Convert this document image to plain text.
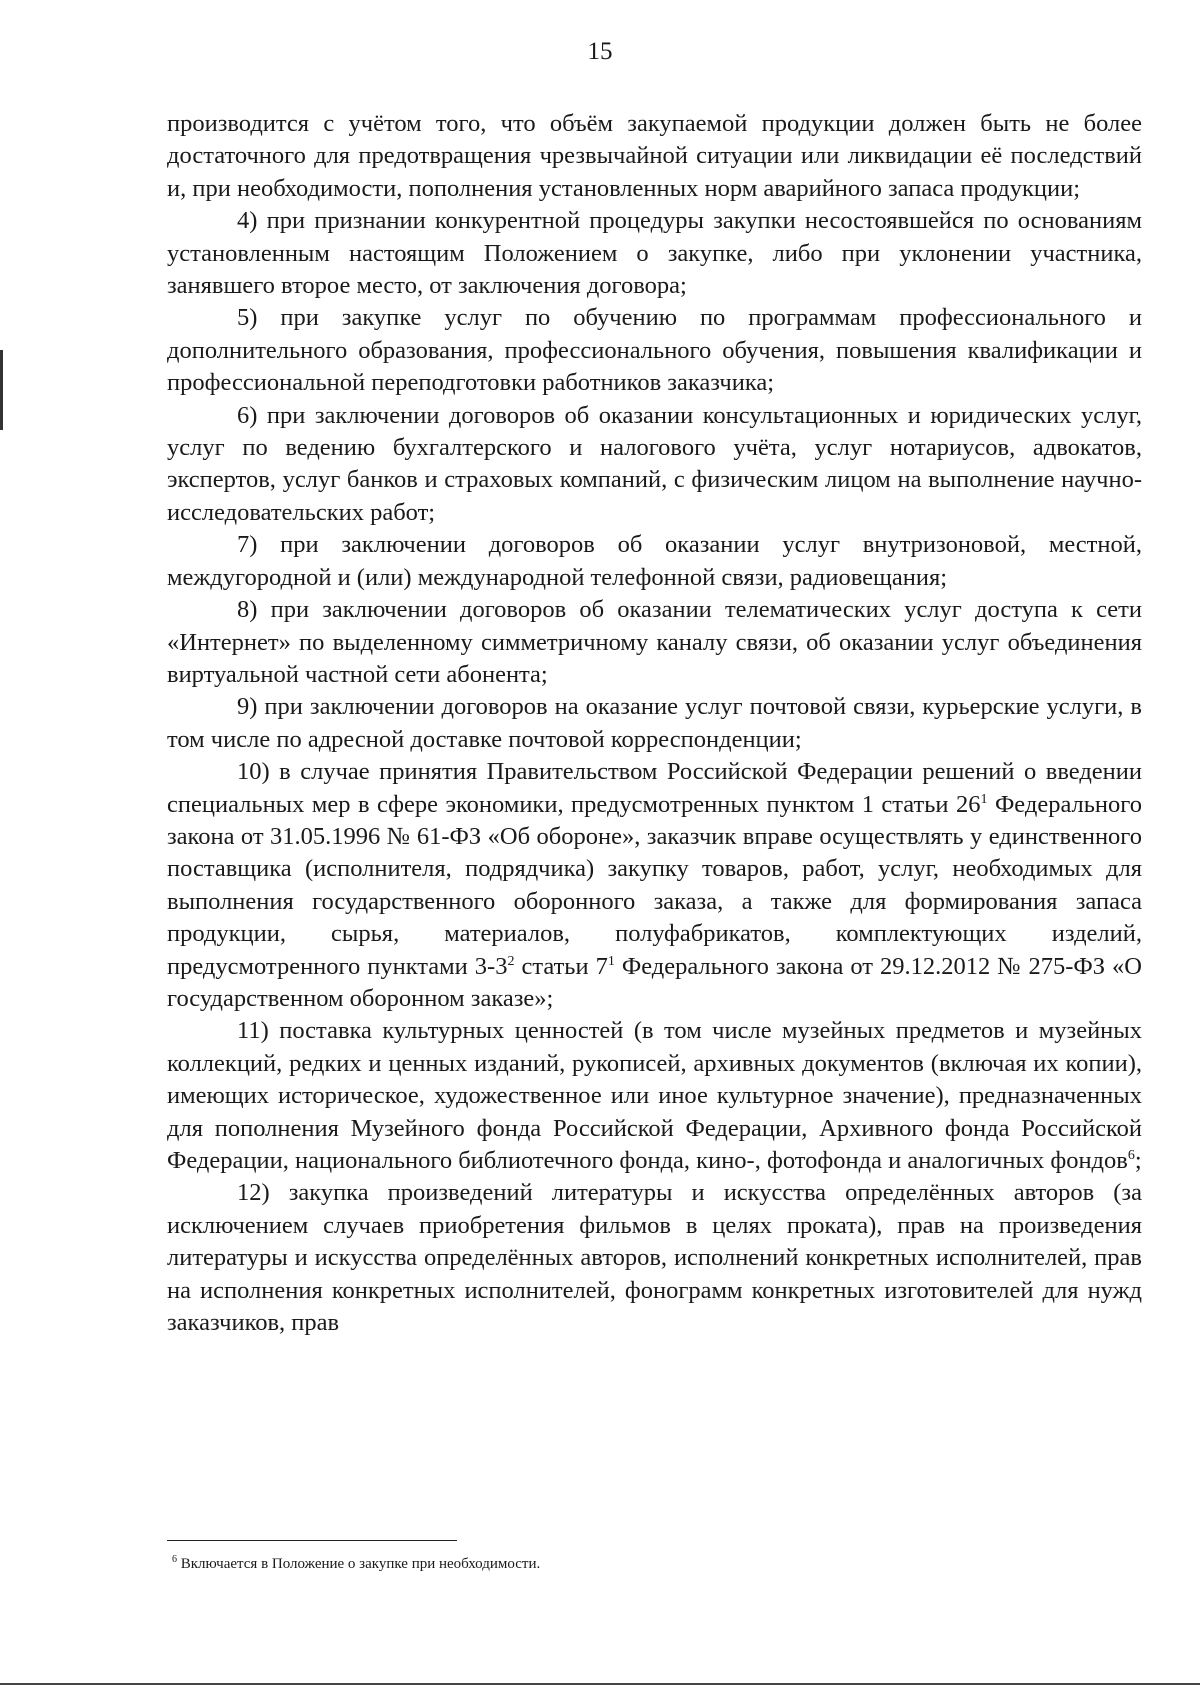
15

производится с учётом того, что объём закупаемой продукции должен быть не более достаточного для предотвращения чрезвычайной ситуации или ликвидации её последствий и, при необходимости, пополнения установленных норм аварийного запаса продукции;

4) при признании конкурентной процедуры закупки несостоявшейся по основаниям установленным настоящим Положением о закупке, либо при уклонении участника, занявшего второе место, от заключения договора;

5) при закупке услуг по обучению по программам профессионального и дополнительного образования, профессионального обучения, повышения квалификации и профессиональной переподготовки работников заказчика;

6) при заключении договоров об оказании консультационных и юридических услуг, услуг по ведению бухгалтерского и налогового учёта, услуг нотариусов, адвокатов, экспертов, услуг банков и страховых компаний, с физическим лицом на выполнение научно-исследовательских работ;

7) при заключении договоров об оказании услуг внутризоновой, местной, междугородной и (или) международной телефонной связи, радиовещания;

8) при заключении договоров об оказании телематических услуг доступа к сети «Интернет» по выделенному симметричному каналу связи, об оказании услуг объединения виртуальной частной сети абонента;

9) при заключении договоров на оказание услуг почтовой связи, курьерские услуги, в том числе по адресной доставке почтовой корреспонденции;

10) в случае принятия Правительством Российской Федерации решений о введении специальных мер в сфере экономики, предусмотренных пунктом 1 статьи $26^1$ Федерального закона от 31.05.1996 № 61-ФЗ «Об обороне», заказчик вправе осуществлять у единственного поставщика (исполнителя, подрядчика) закупку товаров, работ, услуг, необходимых для выполнения государственного оборонного заказа, а также для формирования запаса продукции, сырья, материалов, полуфабрикатов, комплектующих изделий, предусмотренного пунктами $3-3^2$ статьи $7^1$ Федерального закона от 29.12.2012 № 275-ФЗ «О государственном оборонном заказе»;

11) поставка культурных ценностей (в том числе музейных предметов и музейных коллекций, редких и ценных изданий, рукописей, архивных документов (включая их копии), имеющих историческое, художественное или иное культурное значение), предназначенных для пополнения Музейного фонда Российской Федерации, Архивного фонда Российской Федерации, национального библиотечного фонда, кино-, фотофонда и аналогичных фондов$^6$;

12) закупка произведений литературы и искусства определённых авторов (за исключением случаев приобретения фильмов в целях проката), прав на произведения литературы и искусства определённых авторов, исполнений конкретных исполнителей, прав на исполнения конкретных исполнителей, фонограмм конкретных изготовителей для нужд заказчиков, прав

$^6$ Включается в Положение о закупке при необходимости.
